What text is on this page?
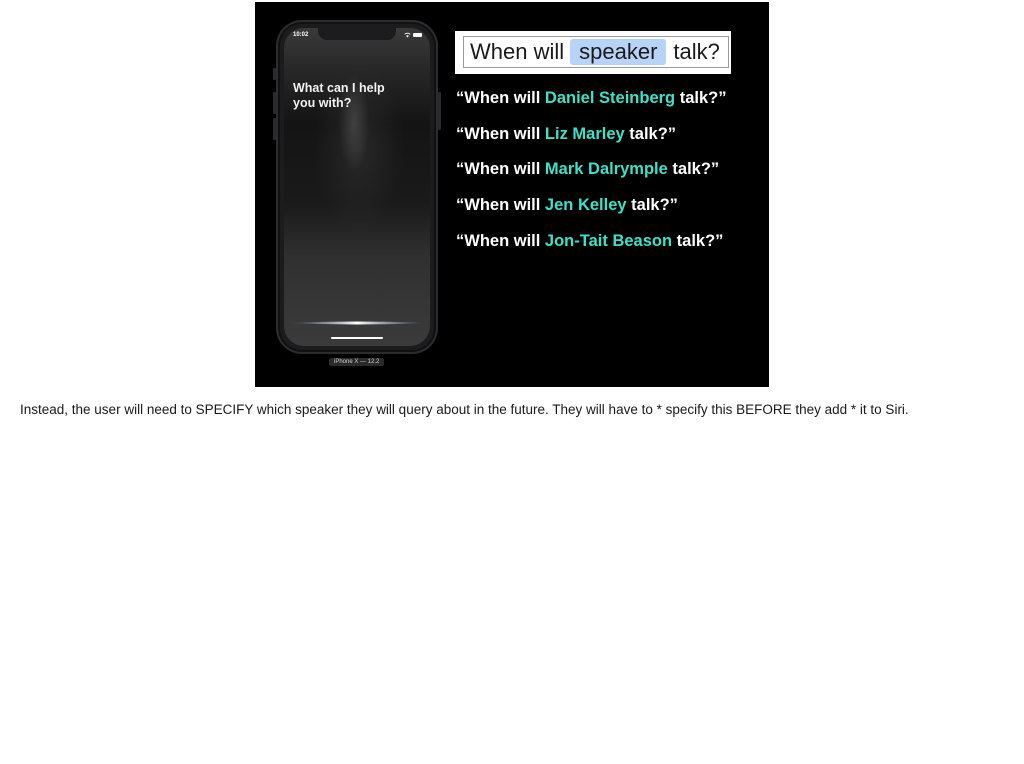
10:02
What can I help
you with?
iPhone X — 12.2
When will speaker talk?
“When will Daniel Steinberg talk?”
“When will Liz Marley talk?”
“When will Mark Dalrymple talk?”
“When will Jen Kelley talk?”
“When will Jon-Tait Beason talk?”
Instead, the user will need to SPECIFY which speaker they will query about in the future. They will have to * specify this BEFORE they add * it to Siri.
